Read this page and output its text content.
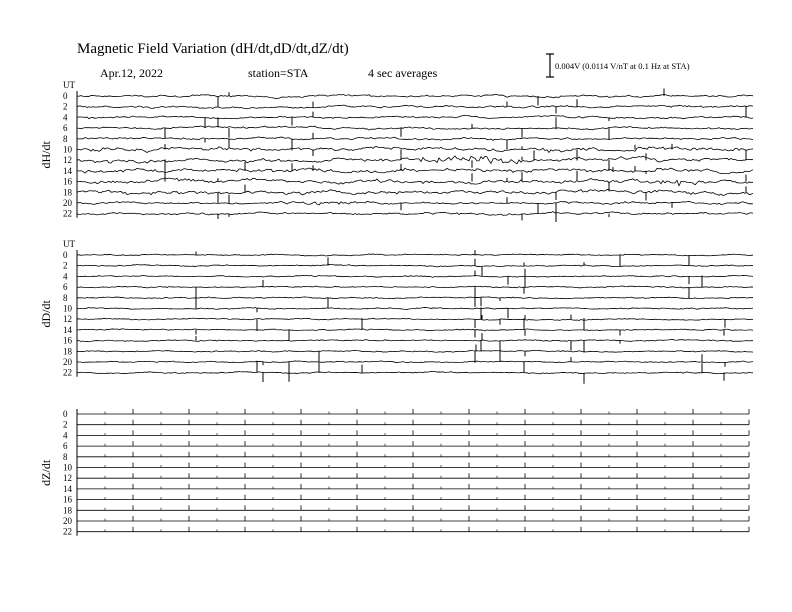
Magnetic Field Variation (dH/dt,dD/dt,dZ/dt)
Apr.12, 2022	station=STA	4 sec averages	0.004V (0.0114 V/nT at 0.1 Hz at STA)
UT
dH/dt
0
2
4
6
8
10
12
14
16
18
20
22
UT
dD/dt
0
2
4
6
8
10
12
14
16
18
20
22
dZ/dt
0
2
4
6
8
10
12
14
16
18
20
22
